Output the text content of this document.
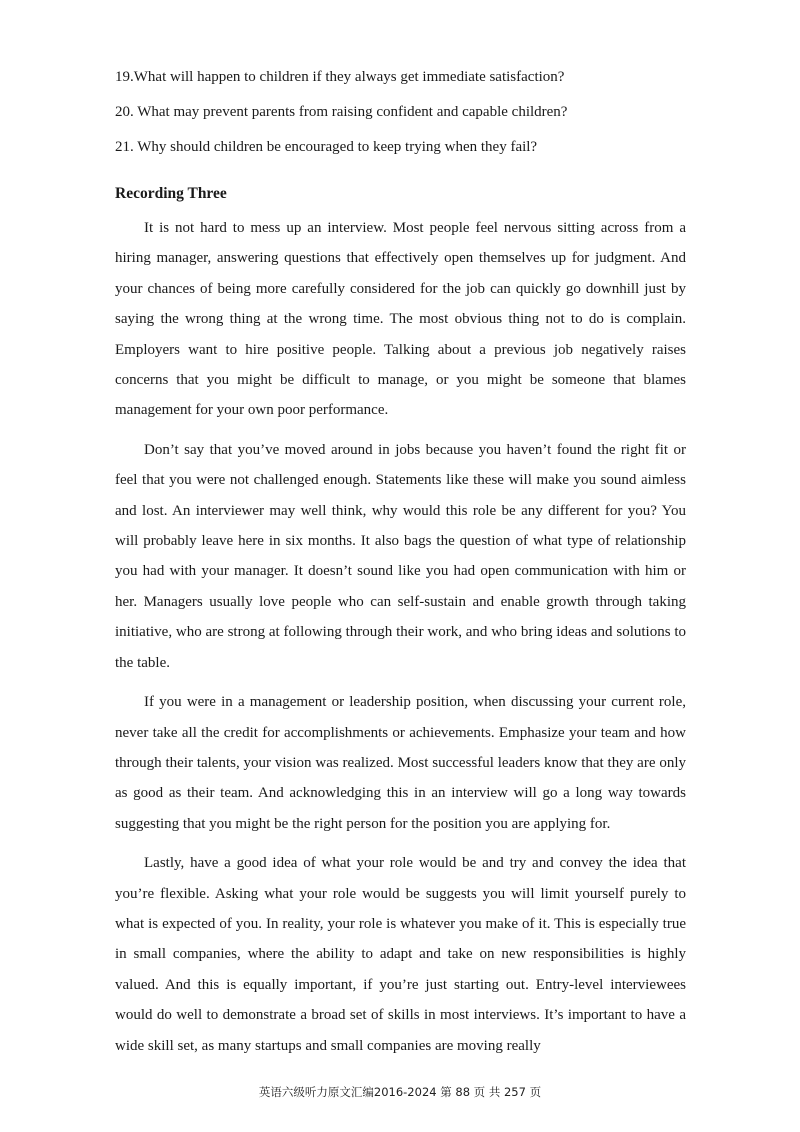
19.What will happen to children if they always get immediate satisfaction?

20. What may prevent parents from raising confident and capable children?

21. Why should children be encouraged to keep trying when they fail?

Recording Three

It is not hard to mess up an interview. Most people feel nervous sitting across from a hiring manager, answering questions that effectively open themselves up for judgment. And your chances of being more carefully considered for the job can quickly go downhill just by saying the wrong thing at the wrong time. The most obvious thing not to do is complain. Employers want to hire positive people. Talking about a previous job negatively raises concerns that you might be difficult to manage, or you might be someone that blames management for your own poor performance.

Don’t say that you’ve moved around in jobs because you haven’t found the right fit or feel that you were not challenged enough. Statements like these will make you sound aimless and lost. An interviewer may well think, why would this role be any different for you? You will probably leave here in six months. It also bags the question of what type of relationship you had with your manager. It doesn’t sound like you had open communication with him or her. Managers usually love people who can self-sustain and enable growth through taking initiative, who are strong at following through their work, and who bring ideas and solutions to the table.

If you were in a management or leadership position, when discussing your current role, never take all the credit for accomplishments or achievements. Emphasize your team and how through their talents, your vision was realized. Most successful leaders know that they are only as good as their team. And acknowledging this in an interview will go a long way towards suggesting that you might be the right person for the position you are applying for.

Lastly, have a good idea of what your role would be and try and convey the idea that you’re flexible. Asking what your role would be suggests you will limit yourself purely to what is expected of you. In reality, your role is whatever you make of it. This is especially true in small companies, where the ability to adapt and take on new responsibilities is highly valued. And this is equally important, if you’re just starting out. Entry-level interviewees would do well to demonstrate a broad set of skills in most interviews. It’s important to have a wide skill set, as many startups and small companies are moving really

英语六级听力原文汇编2016-2024 第 88 页 共 257 页
